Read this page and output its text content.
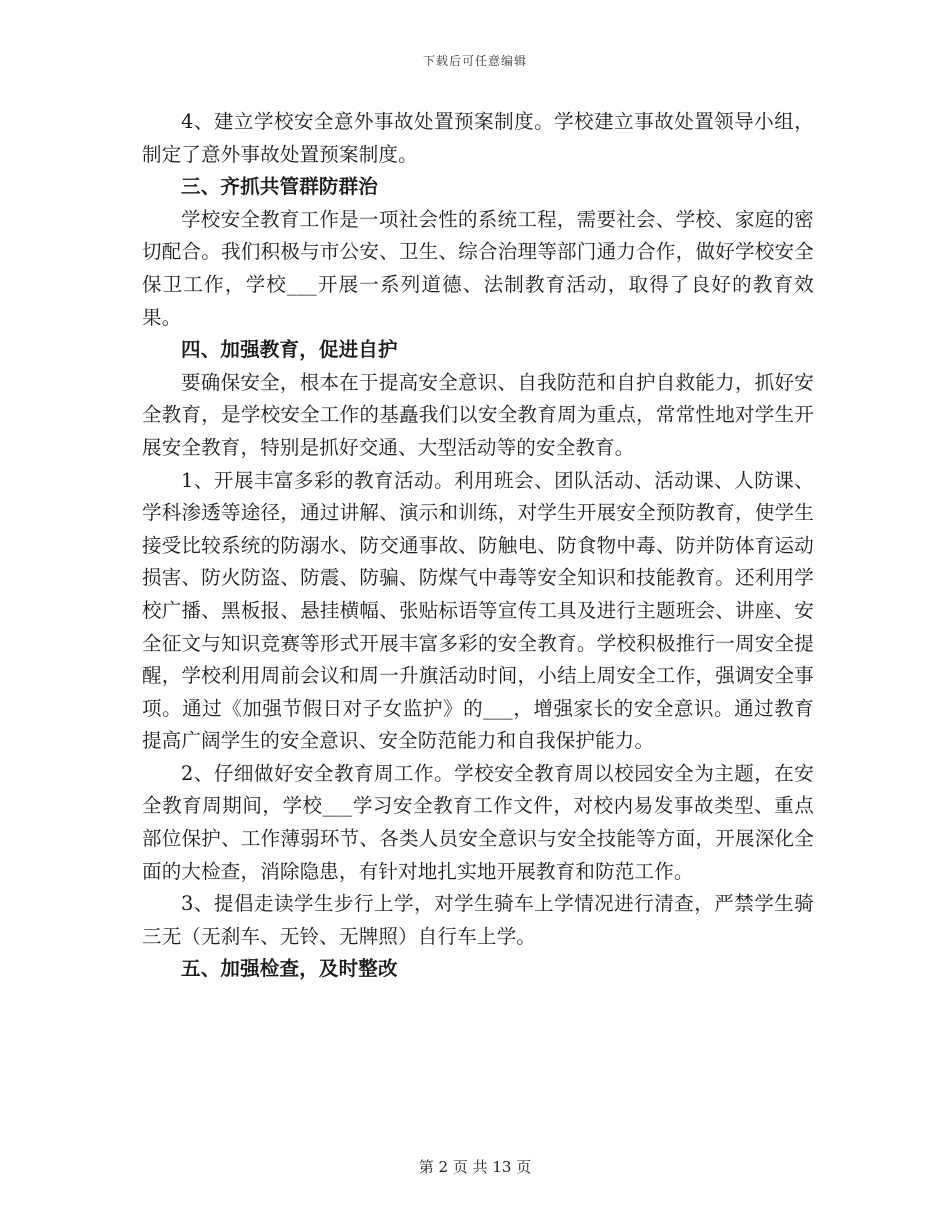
下载后可任意编辑

4、建立学校安全意外事故处置预案制度。学校建立事故处置领导小组，制定了意外事故处置预案制度。

三、齐抓共管群防群治

学校安全教育工作是一项社会性的系统工程，需要社会、学校、家庭的密切配合。我们积极与市公安、卫生、综合治理等部门通力合作，做好学校安全保卫工作，学校___开展一系列道德、法制教育活动，取得了良好的教育效果。

四、加强教育，促进自护

要确保安全，根本在于提高安全意识、自我防范和自护自救能力，抓好安全教育，是学校安全工作的基矗我们以安全教育周为重点，常常性地对学生开展安全教育，特别是抓好交通、大型活动等的安全教育。

1、开展丰富多彩的教育活动。利用班会、团队活动、活动课、人防课、学科渗透等途径，通过讲解、演示和训练，对学生开展安全预防教育，使学生接受比较系统的防溺水、防交通事故、防触电、防食物中毒、防并防体育运动损害、防火防盗、防震、防骗、防煤气中毒等安全知识和技能教育。还利用学校广播、黑板报、悬挂横幅、张贴标语等宣传工具及进行主题班会、讲座、安全征文与知识竞赛等形式开展丰富多彩的安全教育。学校积极推行一周安全提醒，学校利用周前会议和周一升旗活动时间，小结上周安全工作，强调安全事项。通过《加强节假日对子女监护》的___，增强家长的安全意识。通过教育提高广阔学生的安全意识、安全防范能力和自我保护能力。

2、仔细做好安全教育周工作。学校安全教育周以校园安全为主题，在安全教育周期间，学校___学习安全教育工作文件，对校内易发事故类型、重点部位保护、工作薄弱环节、各类人员安全意识与安全技能等方面，开展深化全面的大检查，消除隐患，有针对地扎实地开展教育和防范工作。

3、提倡走读学生步行上学，对学生骑车上学情况进行清查，严禁学生骑三无（无刹车、无铃、无牌照）自行车上学。

五、加强检查，及时整改

第 2 页 共 13 页
